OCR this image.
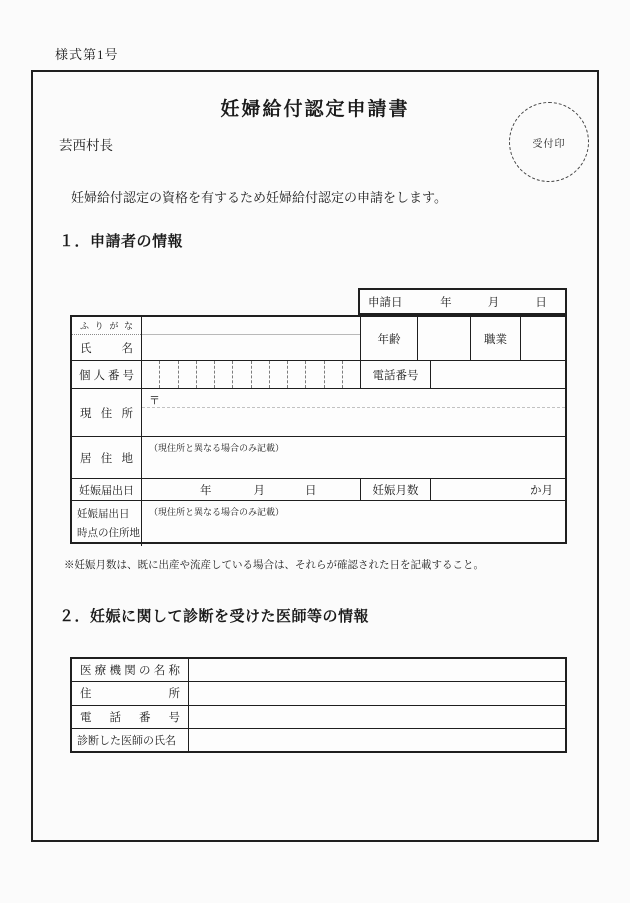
様式第1号
妊婦給付認定申請書
受付印
芸西村長
妊婦給付認定の資格を有するため妊婦給付認定の申請をします。
１．申請者の情報
申請日	年	月	日
ふ り が な
氏	名
年齢	職業
個 人 番 号	電話番号
現 住 所
〒
居 住 地
（現住所と異なる場合のみ記載）
妊娠届出日	年	月	日	妊娠月数	か月
妊娠届出日
時点の住所地
（現住所と異なる場合のみ記載）
※妊娠月数は、既に出産や流産している場合は、それらが確認された日を記載すること。
２．妊娠に関して診断を受けた医師等の情報
医 療 機 関 の 名 称
住	所
電 話 番 号
診断した医師の氏名
